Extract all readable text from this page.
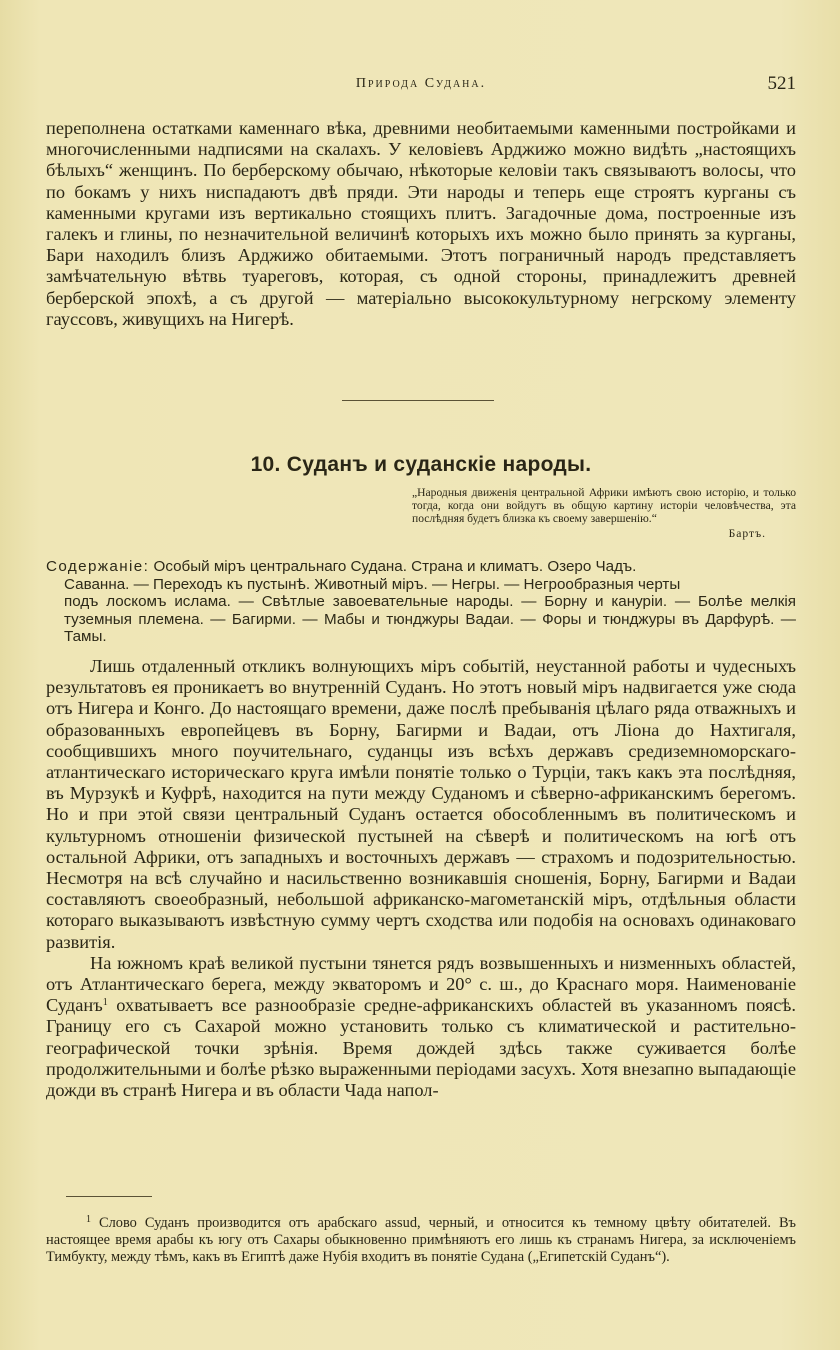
Природа Судана.	521

переполнена остатками каменнаго вѣка, древними необитаемыми каменными постройками и многочисленными надписями на скалахъ. У келовіевъ Арджижо можно видѣть „настоящихъ бѣлыхъ“ женщинъ. По берберскому обычаю, нѣкоторые келовіи такъ связываютъ волосы, что по бокамъ у нихъ ниспадаютъ двѣ пряди. Эти народы и теперь еще строятъ курганы съ каменными кругами изъ вертикально стоящихъ плитъ. Загадочные дома, построенные изъ галекъ и глины, по незначительной величинѣ которыхъ ихъ можно было принять за курганы, Бари находилъ близъ Арджижо обитаемыми. Этотъ пограничный народъ представляетъ замѣчательную вѣтвь туареговъ, которая, съ одной стороны, принадлежитъ древней берберской эпохѣ, а съ другой — матеріально высококультурному негрскому элементу гауссовъ, живущихъ на Нигерѣ.

10. Суданъ и суданскіе народы.
„Народныя движенія центральной Африки имѣютъ свою исторію, и только тогда, когда они войдутъ въ общую картину исторіи человѣчества, эта послѣдняя будетъ близка къ своему завершенію.“
Бартъ.
Содержаніе: Особый міръ центральнаго Судана. Страна и климатъ. Озеро Чадъ.
Саванна. — Переходъ къ пустынѣ. Животный міръ. — Негры. — Негрообразныя черты
подъ лоскомъ ислама. — Свѣтлые завоевательные народы. — Борну и канурiи. — Болѣе мелкія туземныя племена. — Багирми. — Мабы и тюнджуры Вадаи. — Форы и тюнджуры въ Дарфурѣ. — Тамы.

Лишь отдаленный откликъ волнующихъ міръ событій, неустанной работы и чудесныхъ результатовъ ея проникаетъ во внутренній Суданъ. Но этотъ новый міръ надвигается уже сюда отъ Нигера и Конго. До настоящаго времени, даже послѣ пребыванія цѣлаго ряда отважныхъ и образованныхъ европейцевъ въ Борну, Багирми и Вадаи, отъ Ліона до Нахтигаля, сообщившихъ много поучительнаго, суданцы изъ всѣхъ державъ средиземноморскаго-атлантическаго историческаго круга имѣли понятіе только о Турціи, такъ какъ эта послѣдняя, въ Мурзукѣ и Куфрѣ, находится на пути между Суданомъ и сѣверно-африканскимъ берегомъ. Но и при этой связи центральный Суданъ остается обособленнымъ въ политическомъ и культурномъ отношеніи физической пустыней на сѣверѣ и политическомъ на югѣ отъ остальной Африки, отъ западныхъ и восточныхъ державъ — страхомъ и подозрительностью. Несмотря на всѣ случайно и насильственно возникавшія сношенія, Борну, Багирми и Вадаи составляютъ своеобразный, небольшой африканско-магометанскій міръ, отдѣльныя области котораго выказываютъ извѣстную сумму чертъ сходства или подобія на основахъ одинаковаго развитія.

На южномъ краѣ великой пустыни тянется рядъ возвышенныхъ и низменныхъ областей, отъ Атлантическаго берега, между экваторомъ и 20° с. ш., до Краснаго моря. Наименованіе Суданъ$^1$ охватываетъ все разнообразіе средне-африканскихъ областей въ указанномъ поясѣ. Границу его съ Сахарой можно установить только съ климатической и растительно-географической точки зрѣнія. Время дождей здѣсь также суживается болѣе продолжительными и болѣе рѣзко выраженными періодами засухъ. Хотя внезапно выпадающіе дожди въ странѣ Нигера и въ области Чада напол-

$^1$ Слово Суданъ производится отъ арабскаго assud, черный, и относится къ темному цвѣту обитателей. Въ настоящее время арабы къ югу отъ Сахары обыкновенно примѣняютъ его лишь къ странамъ Нигера, за исключеніемъ Тимбукту, между тѣмъ, какъ въ Египтѣ даже Нубія входитъ въ понятіе Судана („Египетскій Суданъ“).
